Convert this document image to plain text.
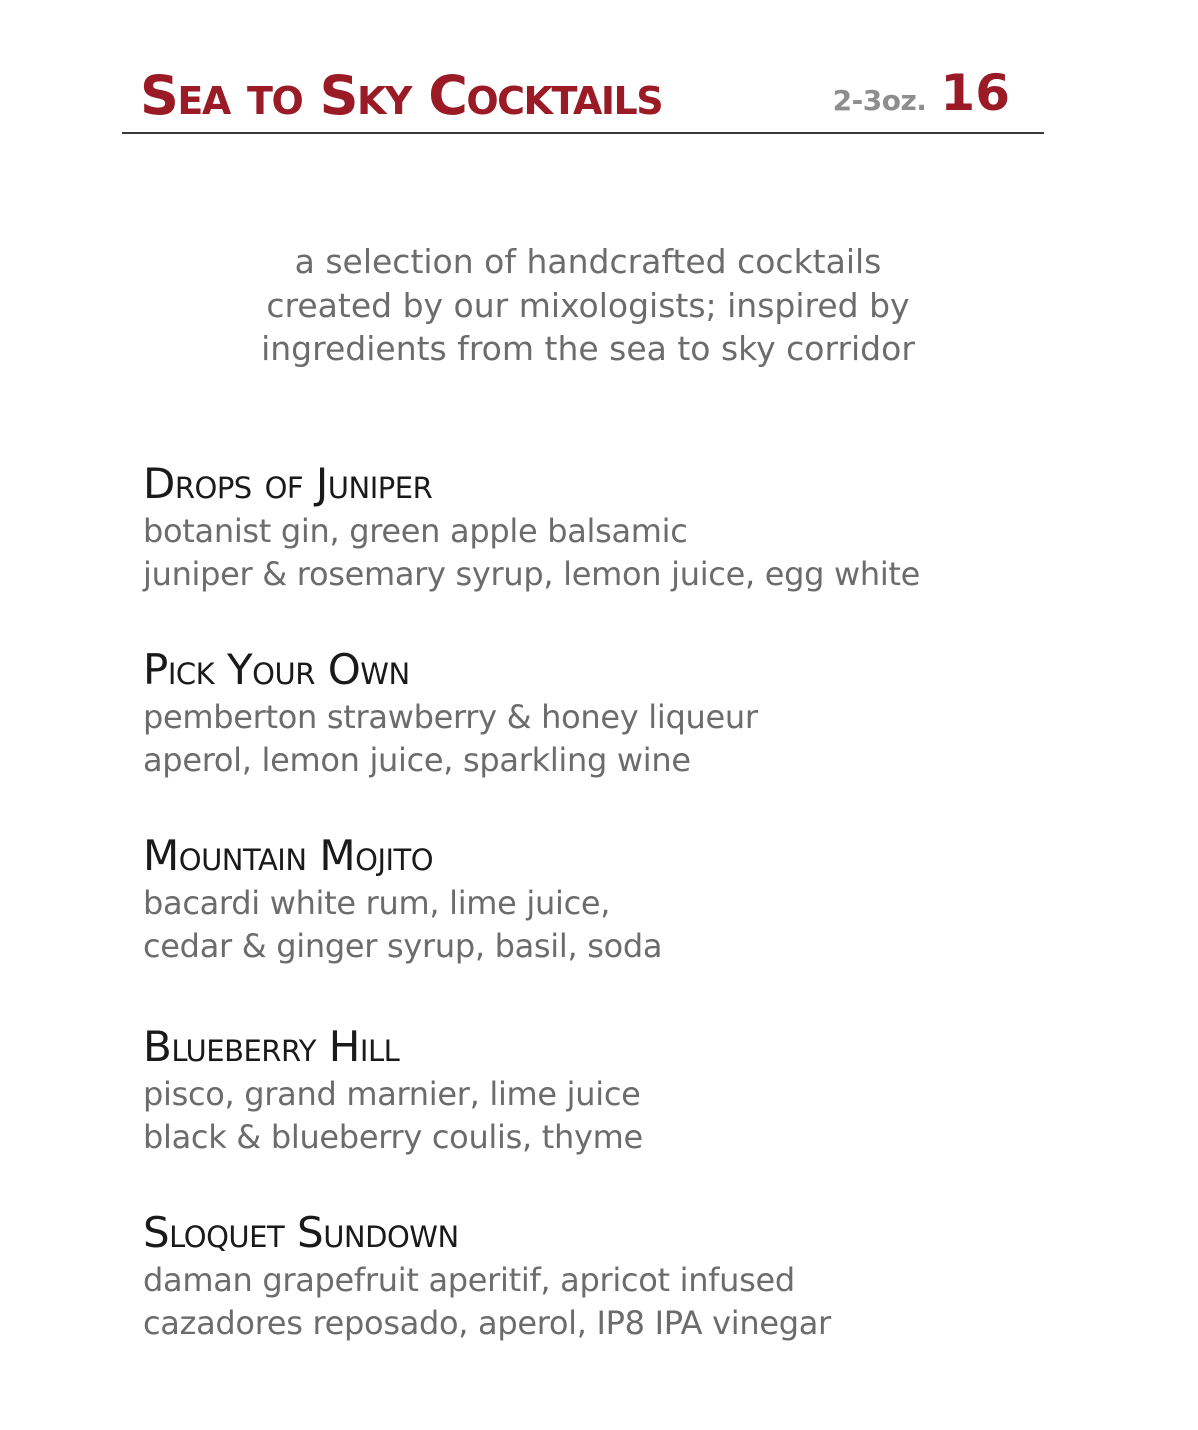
Sea to Sky Cocktails	2-3oz. 16
a selection of handcrafted cocktails
created by our mixologists; inspired by
ingredients from the sea to sky corridor
Drops of Juniper
botanist gin, green apple balsamic
juniper & rosemary syrup, lemon juice, egg white
Pick Your Own
pemberton strawberry & honey liqueur
aperol, lemon juice, sparkling wine
Mountain Mojito
bacardi white rum, lime juice,
cedar & ginger syrup, basil, soda
Blueberry Hill
pisco, grand marnier, lime juice
black & blueberry coulis, thyme
Sloquet Sundown
daman grapefruit aperitif, apricot infused
cazadores reposado, aperol, IP8 IPA vinegar
